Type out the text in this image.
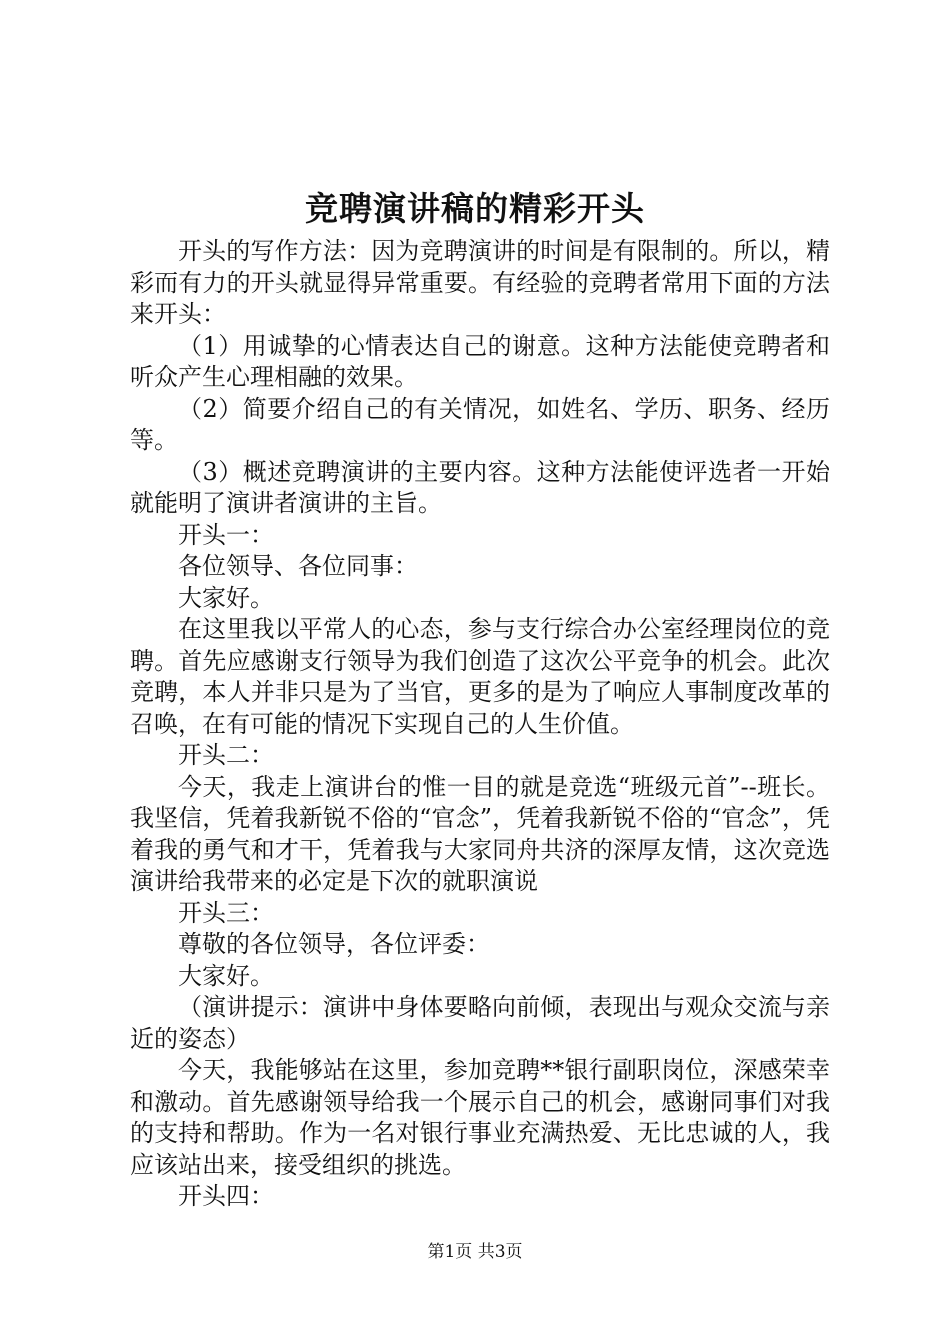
竞聘演讲稿的精彩开头

开头的写作方法：因为竞聘演讲的时间是有限制的。所以，精彩而有力的开头就显得异常重要。有经验的竞聘者常用下面的方法来开头：

（1）用诚挚的心情表达自己的谢意。这种方法能使竞聘者和听众产生心理相融的效果。

（2）简要介绍自己的有关情况，如姓名、学历、职务、经历等。

（3）概述竞聘演讲的主要内容。这种方法能使评选者一开始就能明了演讲者演讲的主旨。

开头一：

各位领导、各位同事：

大家好。

在这里我以平常人的心态，参与支行综合办公室经理岗位的竞聘。首先应感谢支行领导为我们创造了这次公平竞争的机会。此次竞聘，本人并非只是为了当官，更多的是为了响应人事制度改革的召唤，在有可能的情况下实现自己的人生价值。

开头二：

今天，我走上演讲台的惟一目的就是竞选“班级元首”--班长。我坚信，凭着我新锐不俗的“官念”，凭着我新锐不俗的“官念”，凭着我的勇气和才干，凭着我与大家同舟共济的深厚友情，这次竞选演讲给我带来的必定是下次的就职演说

开头三：

尊敬的各位领导，各位评委：

大家好。

（演讲提示：演讲中身体要略向前倾，表现出与观众交流与亲近的姿态）

今天，我能够站在这里，参加竞聘**银行副职岗位，深感荣幸和激动。首先感谢领导给我一个展示自己的机会，感谢同事们对我的支持和帮助。作为一名对银行事业充满热爱、无比忠诚的人，我应该站出来，接受组织的挑选。

开头四：

第1页 共3页
